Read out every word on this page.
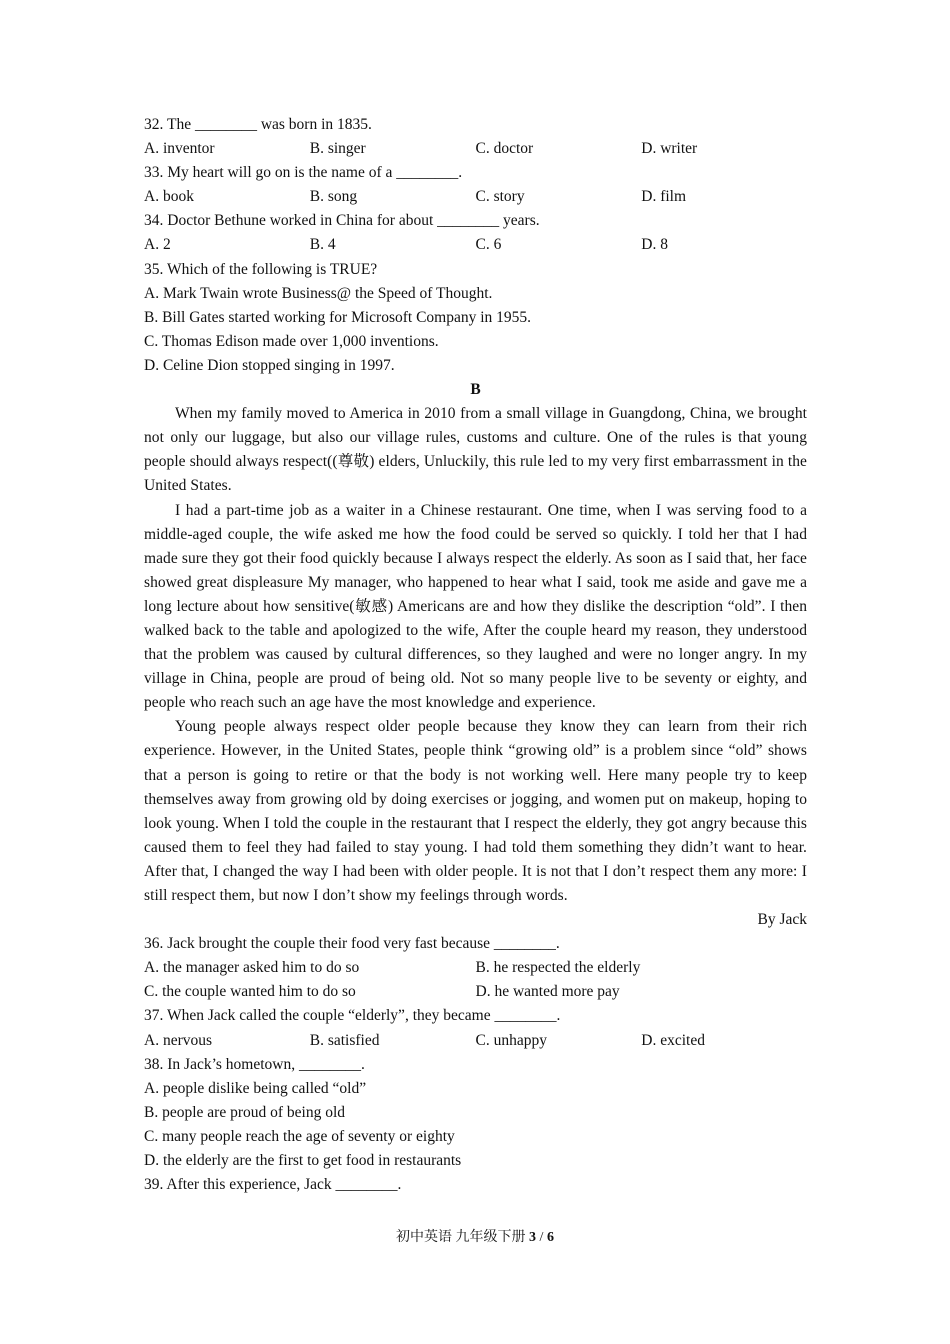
32. The ________ was born in 1835.
A. inventor	B. singer	C. doctor	D. writer
33. My heart will go on is the name of a ________.
A. book	B. song	C. story	D. film
34. Doctor Bethune worked in China for about ________ years.
A. 2	B. 4	C. 6	D. 8
35. Which of the following is TRUE?
A. Mark Twain wrote Business@ the Speed of Thought.
B. Bill Gates started working for Microsoft Company in 1955.
C. Thomas Edison made over 1,000 inventions.
D. Celine Dion stopped singing in 1997.
B

When my family moved to America in 2010 from a small village in Guangdong, China, we brought not only our luggage, but also our village rules, customs and culture. One of the rules is that young people should always respect((尊敬) elders, Unluckily, this rule led to my very first embarrassment in the United States.

I had a part-time job as a waiter in a Chinese restaurant. One time, when I was serving food to a middle-aged couple, the wife asked me how the food could be served so quickly. I told her that I had made sure they got their food quickly because I always respect the elderly. As soon as I said that, her face showed great displeasure My manager, who happened to hear what I said, took me aside and gave me a long lecture about how sensitive(敏感) Americans are and how they dislike the description “old”. I then walked back to the table and apologized to the wife, After the couple heard my reason, they understood that the problem was caused by cultural differences, so they laughed and were no longer angry. In my village in China, people are proud of being old. Not so many people live to be seventy or eighty, and people who reach such an age have the most knowledge and experience.

Young people always respect older people because they know they can learn from their rich experience. However, in the United States, people think “growing old” is a problem since “old” shows that a person is going to retire or that the body is not working well. Here many people try to keep themselves away from growing old by doing exercises or jogging, and women put on makeup, hoping to look young. When I told the couple in the restaurant that I respect the elderly, they got angry because this caused them to feel they had failed to stay young. I had told them something they didn’t want to hear. After that, I changed the way I had been with older people. It is not that I don’t respect them any more: I still respect them, but now I don’t show my feelings through words.

By Jack
36. Jack brought the couple their food very fast because ________.
A. the manager asked him to do so	B. he respected the elderly
C. the couple wanted him to do so	D. he wanted more pay
37. When Jack called the couple “elderly”, they became ________.
A. nervous	B. satisfied	C. unhappy	D. excited
38. In Jack’s hometown, ________.
A. people dislike being called “old”
B. people are proud of being old
C. many people reach the age of seventy or eighty
D. the elderly are the first to get food in restaurants
39. After this experience, Jack ________.
初中英语 九年级下册 3 / 6
